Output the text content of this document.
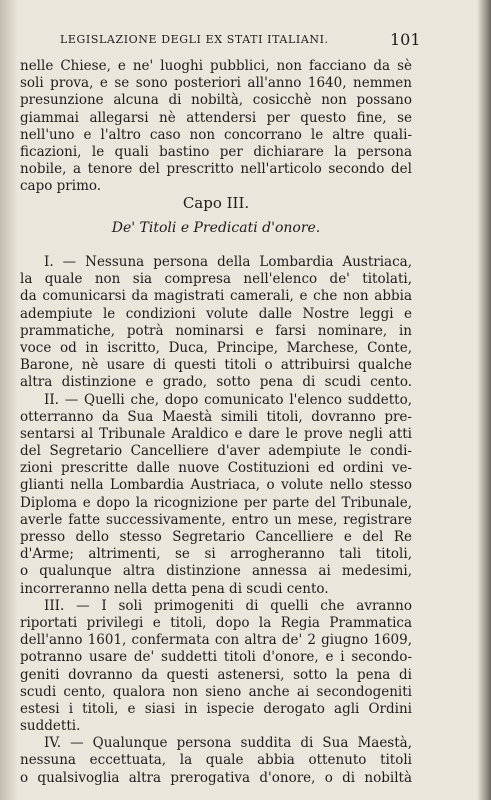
LEGISLAZIONE DEGLI EX STATI ITALIANI.	101
nelle Chiese, e ne' luoghi pubblici, non facciano da sè
soli prova, e se sono posteriori all'anno 1640, nemmen
presunzione alcuna di nobiltà, cosicchè non possano
giammai allegarsi nè attendersi per questo fine, se
nell'uno e l'altro caso non concorrano le altre quali-
ficazioni, le quali bastino per dichiarare la persona
nobile, a tenore del prescritto nell'articolo secondo del
capo primo.
Capo III.
De' Titoli e Predicati d'onore.
I. — Nessuna persona della Lombardia Austriaca,
la quale non sia compresa nell'elenco de' titolati,
da comunicarsi da magistrati camerali, e che non abbia
adempiute le condizioni volute dalle Nostre leggi e
prammatiche, potrà nominarsi e farsi nominare, in
voce od in iscritto, Duca, Principe, Marchese, Conte,
Barone, nè usare di questi titoli o attribuirsi qualche
altra distinzione e grado, sotto pena di scudi cento.
II. — Quelli che, dopo comunicato l'elenco suddetto,
otterranno da Sua Maestà simili titoli, dovranno pre-
sentarsi al Tribunale Araldico e dare le prove negli atti
del Segretario Cancelliere d'aver adempiute le condi-
zioni prescritte dalle nuove Costituzioni ed ordini ve-
glianti nella Lombardia Austriaca, o volute nello stesso
Diploma e dopo la ricognizione per parte del Tribunale,
averle fatte successivamente, entro un mese, registrare
presso dello stesso Segretario Cancelliere e del Re
d'Arme; altrimenti, se si arrogheranno tali titoli,
o qualunque altra distinzione annessa ai medesimi,
incorreranno nella detta pena di scudi cento.
III. — I soli primogeniti di quelli che avranno
riportati privilegi e titoli, dopo la Regia Prammatica
dell'anno 1601, confermata con altra de' 2 giugno 1609,
potranno usare de' suddetti titoli d'onore, e i secondo-
geniti dovranno da questi astenersi, sotto la pena di
scudi cento, qualora non sieno anche ai secondogeniti
estesi i titoli, e siasi in ispecie derogato agli Ordini
suddetti.
IV. — Qualunque persona suddita di Sua Maestà,
nessuna eccettuata, la quale abbia ottenuto titoli
o qualsivoglia altra prerogativa d'onore, o di nobiltà
